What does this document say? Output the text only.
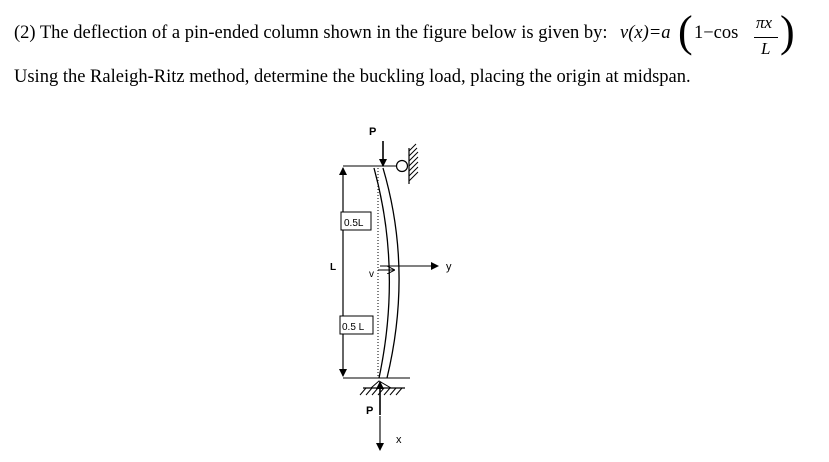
(2) The deflection of a pin-ended column shown in the figure below is given by: v(x)=a ( 1−cos
πx
L )
Using the Raleigh-Ritz method, determine the buckling load, placing the origin at midspan.
P
L
0.5L
0.5 L
y
v
P
x
